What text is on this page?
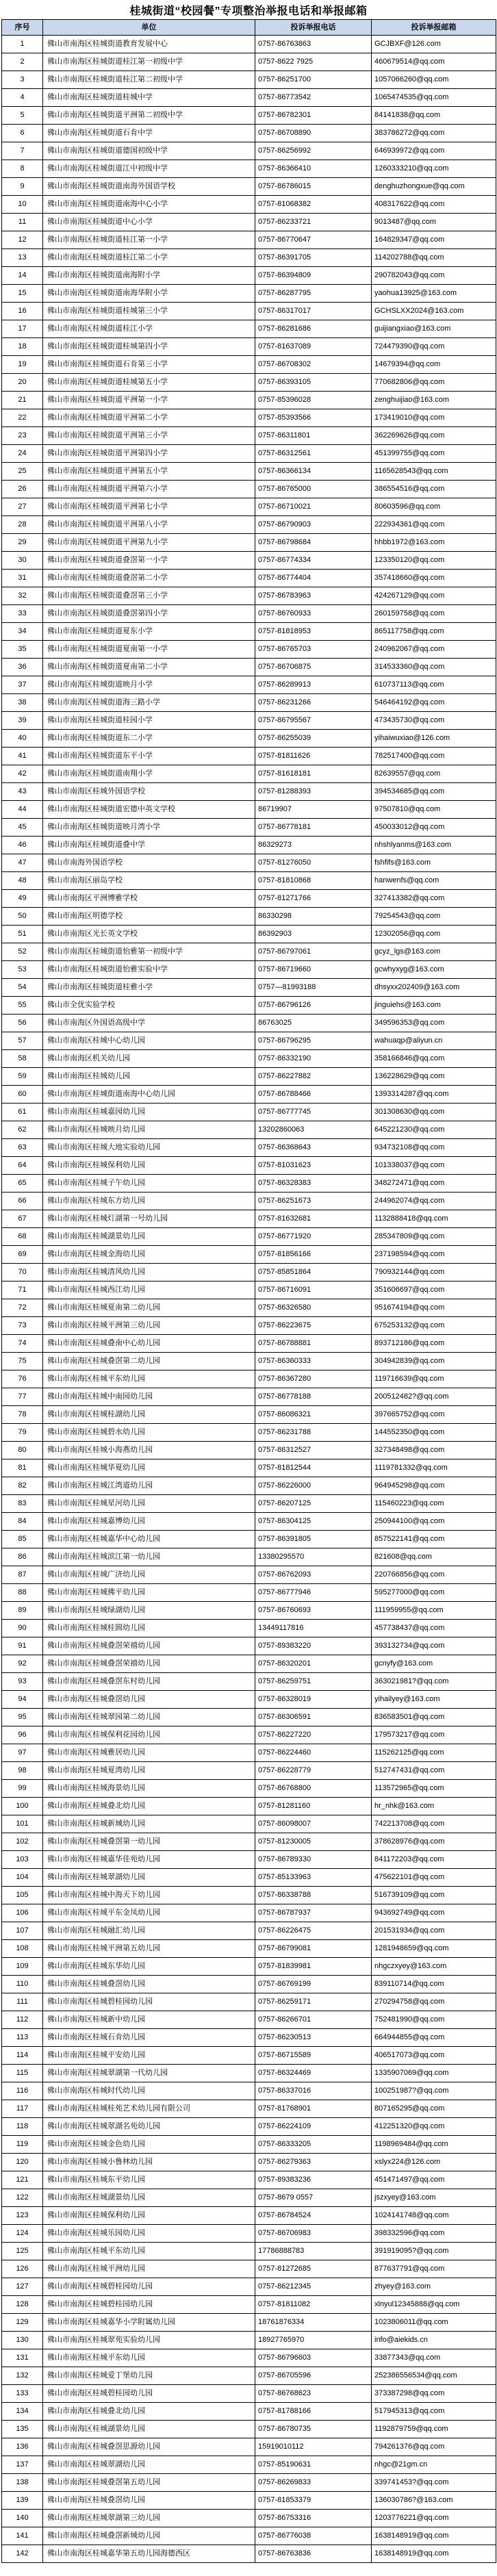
桂城街道“校园餐”专项整治举报电话和举报邮箱
序号	单位	投诉举报电话	投诉举报邮箱
1	佛山市南海区桂城街道教育发展中心	0757-86763863	GCJBXF@126.com
2	佛山市南海区桂城街道桂江第一初级中学	0757-8622 7925	460679514@qq.com
3	佛山市南海区桂城街道桂江第二初级中学	0757-86251700	1057066260@qq.com
4	佛山市南海区桂城街道桂城中学	0757-86773542	1065474535@qq.com
5	佛山市南海区桂城街道平洲第二初级中学	0757-86782301	84141838@qq.com
6	佛山市南海区桂城街道石肯中学	0757-86708890	383786272@qq.com
7	佛山市南海区桂城街道德国初级中学	0757-86256992	646939972@qq.com
8	佛山市南海区桂城街道江中初级中学	0757-86366410	1260333210@qq.com
9	佛山市南海区桂城街道南海外国语学校	0757-86786015	denghuzhongxue@qq.com
10	佛山市南海区桂城街道南海中心小学	0757-81068382	408317622@qq.com
11	佛山市南海区桂城街道中心小学	0757-86233721	9013487@qq.com
12	佛山市南海区桂城街道桂江第一小学	0757-86770647	164829347@qq.com
13	佛山市南海区桂城街道桂江第二小学	0757-86391705	114202788@qq.com
14	佛山市南海区桂城街道南海附小学	0757-86394809	290782043@qq.com
15	佛山市南海区桂城街道南海华附小学	0757-86287795	yaohua13925@163.com
16	佛山市南海区桂城街道桂城第三小学	0757-86317017	GCHSLXX2024@163.com
17	佛山市南海区桂城街道桂江小学	0757-86281686	guijiangxiao@163.com
18	佛山市南海区桂城街道桂城第四小学	0757-81637089	724479390@qq.com
19	佛山市南海区桂城街道石肯第三小学	0757-86708302	14679394@qq.com
20	佛山市南海区桂城街道桂城第五小学	0757-86393105	770682806@qq.com
21	佛山市南海区桂城街道平洲第一小学	0757-85396028	zenghuijiao@163.com
22	佛山市南海区桂城街道平洲第二小学	0757-85393566	173419010@qq.com
23	佛山市南海区桂城街道平洲第三小学	0757-86311801	362269626@qq.com
24	佛山市南海区桂城街道平洲第四小学	0757-86312561	451399755@qq.com
25	佛山市南海区桂城街道平洲第五小学	0757-86366134	1165628543@qq.com
26	佛山市南海区桂城街道平洲第六小学	0757-86765000	386554516@qq.com
27	佛山市南海区桂城街道平洲第七小学	0757-86710021	80603596@qq.com
28	佛山市南海区桂城街道平洲第八小学	0757-86790903	222934361@qq.com
29	佛山市南海区桂城街道平洲第九小学	0757-86798684	hhbb1972@163.com
30	佛山市南海区桂城街道叠滘第一小学	0757-86774334	123350120@qq.com
31	佛山市南海区桂城街道叠滘第二小学	0757-86774404	357418660@qq.com
32	佛山市南海区桂城街道叠滘第三小学	0757-86783963	424267129@qq.com
33	佛山市南海区桂城街道叠滘第四小学	0757-86760933	260159758@qq.com
34	佛山市南海区桂城街道夏东小学	0757-81818953	865117758@qq.com
35	佛山市南海区桂城街道夏南第一小学	0757-86765703	240962067@qq.com
36	佛山市南海区桂城街道夏南第二小学	0757-86706875	314533360@qq.com
37	佛山市南海区桂城街道映月小学	0757-86289913	610737113@qq.com
38	佛山市南海区桂城街道海三路小学	0757-86231266	546464192@qq.com
39	佛山市南海区桂城街道桂园小学	0757-86795567	473435730@qq.com
40	佛山市南海区桂城街道东二小学	0757-86255039	yihaiwuxiao@126.com
41	佛山市南海区桂城街道东平小学	0757-81811626	782517400@qq.com
42	佛山市南海区桂城街道南翔小学	0757-81618181	82639557@qq.com
43	佛山市南海区桂城外国语学校	0757-81288393	394534685@qq.com
44	佛山市南海区桂城街道宏德中英文学校	86719907	97507810@qq.com
45	佛山市南海区桂城街道映月湾小学	0757-86778181	450033012@qq.com
46	佛山市南海区桂城街道叠中学	86329273	nhshlyanms@163.com
47	佛山市南海外国语学校	0757-81276050	fshfifs@163.com
48	佛山市南海区丽岛学校	0757-81810868	hanwenfs@qq.com
49	佛山市南海区平洲博雅学校	0757-81271766	327413382@qq.com
50	佛山市南海区明德学校	86330298	79254543@qq.com
51	佛山市南海区光长英文学校	86392903	12302056@qq.com
52	佛山市南海区桂城街道怡雅第一初级中学	0757-86797061	gcyz_lgs@163.com
53	佛山市南海区桂城街道怡雅实验中学	0757-86719660	gcwhyxyg@163.com
54	佛山市南海区桂城街道桂雅小学	0757—81993188	dhsyxx202409@163.com
55	佛山市全优实验学校	0757-86796126	jinguiehs@163.com
56	佛山市南海区外国语高级中学	86763025	349596353@qq.com
57	佛山市南海区桂城中心幼儿园	0757-86796295	wahuaqp@aliyun.cn
58	佛山市南海区机关幼儿园	0757-86332190	358166846@qq.com
59	佛山市南海区桂城幼儿园	0757-86227882	136228629@qq.com
60	佛山市南海区桂城街道南海中心幼儿园	0757-86788466	1393314287@qq.com
61	佛山市南海区桂城嘉园幼儿园	0757-86777745	301308630@qq.com
62	佛山市南海区桂城映月幼儿园	13202860063	645221230@qq.com
63	佛山市南海区桂城大地实验幼儿园	0757-86368643	934732108@qq.com
64	佛山市南海区桂城保利幼儿园	0757-81031623	101338037@qq.com
65	佛山市南海区桂城子午幼儿园	0757-86328383	348272471@qq.com
66	佛山市南海区桂城东方幼儿园	0757-86251673	244962074@qq.com
67	佛山市南海区桂城灯湖第一号幼儿园	0757-81632681	1132888418@qq.com
68	佛山市南海区桂城湖景幼儿园	0757-86771920	285347809@qq.com
69	佛山市南海区桂城金海幼儿园	0757-81856166	237198594@qq.com
70	佛山市南海区桂城清风幼儿园	0757-85851864	790932144@qq.com
71	佛山市南海区桂城西江幼儿园	0757-86716091	351606697@qq.com
72	佛山市南海区桂城夏南第二幼儿园	0757-86326580	951674194@qq.com
73	佛山市南海区桂城平洲第三幼儿园	0757-86223675	675253132@qq.com
74	佛山市南海区桂城叠南中心幼儿园	0757-86788881	893712186@qq.com
75	佛山市南海区桂城叠滘第二幼儿园	0757-86360333	304942839@qq.com
76	佛山市南海区桂城平东幼儿园	0757-86367280	119716639@qq.com
77	佛山市南海区桂城中南园幼儿园	0757-86778188	200512482?@qq.com
78	佛山市南海区桂城桂湖幼儿园	0757-86086321	397665752@qq.com
79	佛山市南海区桂城碧水幼儿园	0757-86231788	144552350@qq.com
80	佛山市南海区桂城小海燕幼儿园	0757-86312527	327348498@qq.com
81	佛山市南海区桂城华夏幼儿园	0757-81812544	1119781332@qq.com
82	佛山市南海区桂城江湾道幼儿园	0757-86226000	964945298@qq.com
83	佛山市南海区桂城星河幼儿园	0757-86207125	115460223@qq.com
84	佛山市南海区桂城嘉博幼儿园	0757-86304125	250944100@qq.com
85	佛山市南海区桂城嘉华中心幼儿园	0757-86391805	857522141@qq.com
86	佛山市南海区桂城滨江第一幼儿园	13380295570	821608@qq.com
87	佛山市南海区桂城广济幼儿园	0757-86762093	220766856@qq.com
88	佛山市南海区桂城佛平幼儿园	0757-86777946	595277000@qq.com
89	佛山市南海区桂城绿湖幼儿园	0757-86760693	111959955@qq.com
90	佛山市南海区桂城桂圆幼儿园	13449117816	457738437@qq.com
91	佛山市南海区桂城叠滘荣禧幼儿园	0757-89383220	393132734@qq.com
92	佛山市南海区桂城叠滘荣禧幼儿园	0757-86320201	gcnyfy@163.com
93	佛山市南海区桂城叠滘东村幼儿园	0757-86259751	363021981?@qq.com
94	佛山市南海区桂城叠滘幼儿园	0757-86328019	yihailyey@163.com
95	佛山市南海区桂城翠园第二幼儿园	0757-86306591	836583501@qq.com
96	佛山市南海区桂城保利花园幼儿园	0757-86227220	179573217@qq.com
97	佛山市南海区桂城雅居幼儿园	0757-86224460	115262125@qq.com
98	佛山市南海区桂城夏湾幼儿园	0757-86228779	512747431@qq.com
99	佛山市南海区桂城海景幼儿园	0757-86768800	113572965@qq.com
100	佛山市南海区桂城叠北幼儿园	0757-81281160	hr_nhk@163.com
101	佛山市南海区桂城新城幼儿园	0757-86098007	742213708@qq.com
102	佛山市南海区桂城叠滘第一幼儿园	0757-81230005	378628976@qq.com
103	佛山市南海区桂城嘉华佳苑幼儿园	0757-86789330	841172203@qq.com
104	佛山市南海区桂城翠湖幼儿园	0757-85133963	475622101@qq.com
105	佛山市南海区桂城中海天下幼儿园	0757-86338788	516739109@qq.com
106	佛山市南海区桂城平东金凤幼儿园	0757-86787937	943692749@qq.com
107	佛山市南海区桂城融汇幼儿园	0757-86226475	201531934@qq.com
108	佛山市南海区桂城平洲第五幼儿园	0757-86799081	1281948659@qq.com
109	佛山市南海区桂城东华幼儿园	0757-81839981	nhgczxyey@163.com
110	佛山市南海区桂城叠滘幼儿园	0757-86769199	839110714@qq.com
111	佛山市南海区桂城碧桂园幼儿园	0757-86259171	270294758@qq.com
112	佛山市南海区桂城新中幼儿园	0757-86266701	752481990@qq.com
113	佛山市南海区桂城石肯幼儿园	0757-86230513	664944855@qq.com
114	佛山市南海区桂城平安幼儿园	0757-86715589	406517073@qq.com
115	佛山市南海区桂城翠湖第一代幼儿园	0757-86324469	1335907069@qq.com
116	佛山市南海区桂城时代幼儿园	0757-86337016	100251987?@qq.com
117	佛山市南海区桂城桂苑艺术幼儿园有限公司	0757-81768901	807165295@qq.com
118	佛山市南海区桂城翠湖名苑幼儿园	0757-86224109	412251320@qq.com
119	佛山市南海区桂城金色幼儿园	0757-86333205	1198969484@qq.com
120	佛山市南海区桂城小鲁林幼儿园	0757-86279363	xslyx224@126.com
121	佛山市南海区桂城东平幼儿园	0757-89383236	451471497@qq.com
122	佛山市南海区桂城湖景幼儿园	0757-8679 0557	jszxyey@163.com
123	佛山市南海区桂城保利幼儿园	0757-86784524	1024141748@qq.com
124	佛山市南海区桂城乐园幼儿园	0757-86706983	398332596@qq.com
125	佛山市南海区桂城平东幼儿园	17786888783	391919095?@qq.com
126	佛山市南海区桂城平洲幼儿园	0757-81272685	877637791@qq.com
127	佛山市南海区桂城碧桂园幼儿园	0757-86212345	zhyey@163.com
128	佛山市南海区桂城碧桂园幼儿园	0757-81811082	xlnyul12345888@qq.com
129	佛山市南海区桂城嘉华小学附属幼儿园	18761876334	1023806011@qq.com
130	佛山市南海区桂城翠苑实验幼儿园	18927765970	info@aiekids.cn
131	佛山市南海区桂城平东幼儿园	0757-86796603	33877343@qq.com
132	佛山市南海区桂城爱丁堡幼儿园	0757-86705596	252386556534@qq.com
133	佛山市南海区桂城碧桂园幼儿园	0757-86768623	373387298@qq.com
134	佛山市南海区桂城叠北幼儿园	0757-81788166	517945313@qq.com
135	佛山市南海区桂城湖景幼儿园	0757-86780735	1192879759@qq.com
136	佛山市南海区桂城叠滘思源幼儿园	15919010112	794261376@qq.com
137	佛山市南海区桂城翠湖幼儿园	0757-85190631	nhgc@21gm.cn
138	佛山市南海区桂城叠滘第五幼儿园	0757-86269833	339741453?@qq.com
139	佛山市南海区桂城叠滘幼儿园	0757-81853379	136030786?@163.com
140	佛山市南海区桂城翠湖第三幼儿园	0757-86753316	1203776221@qq.com
141	佛山市南海区桂城叠滘新城幼儿园	0757-86776038	1638148919@qq.com
142	佛山市南海区桂城嘉华第五幼儿园海德西区	0757-86763836	1638148919@qq.com
